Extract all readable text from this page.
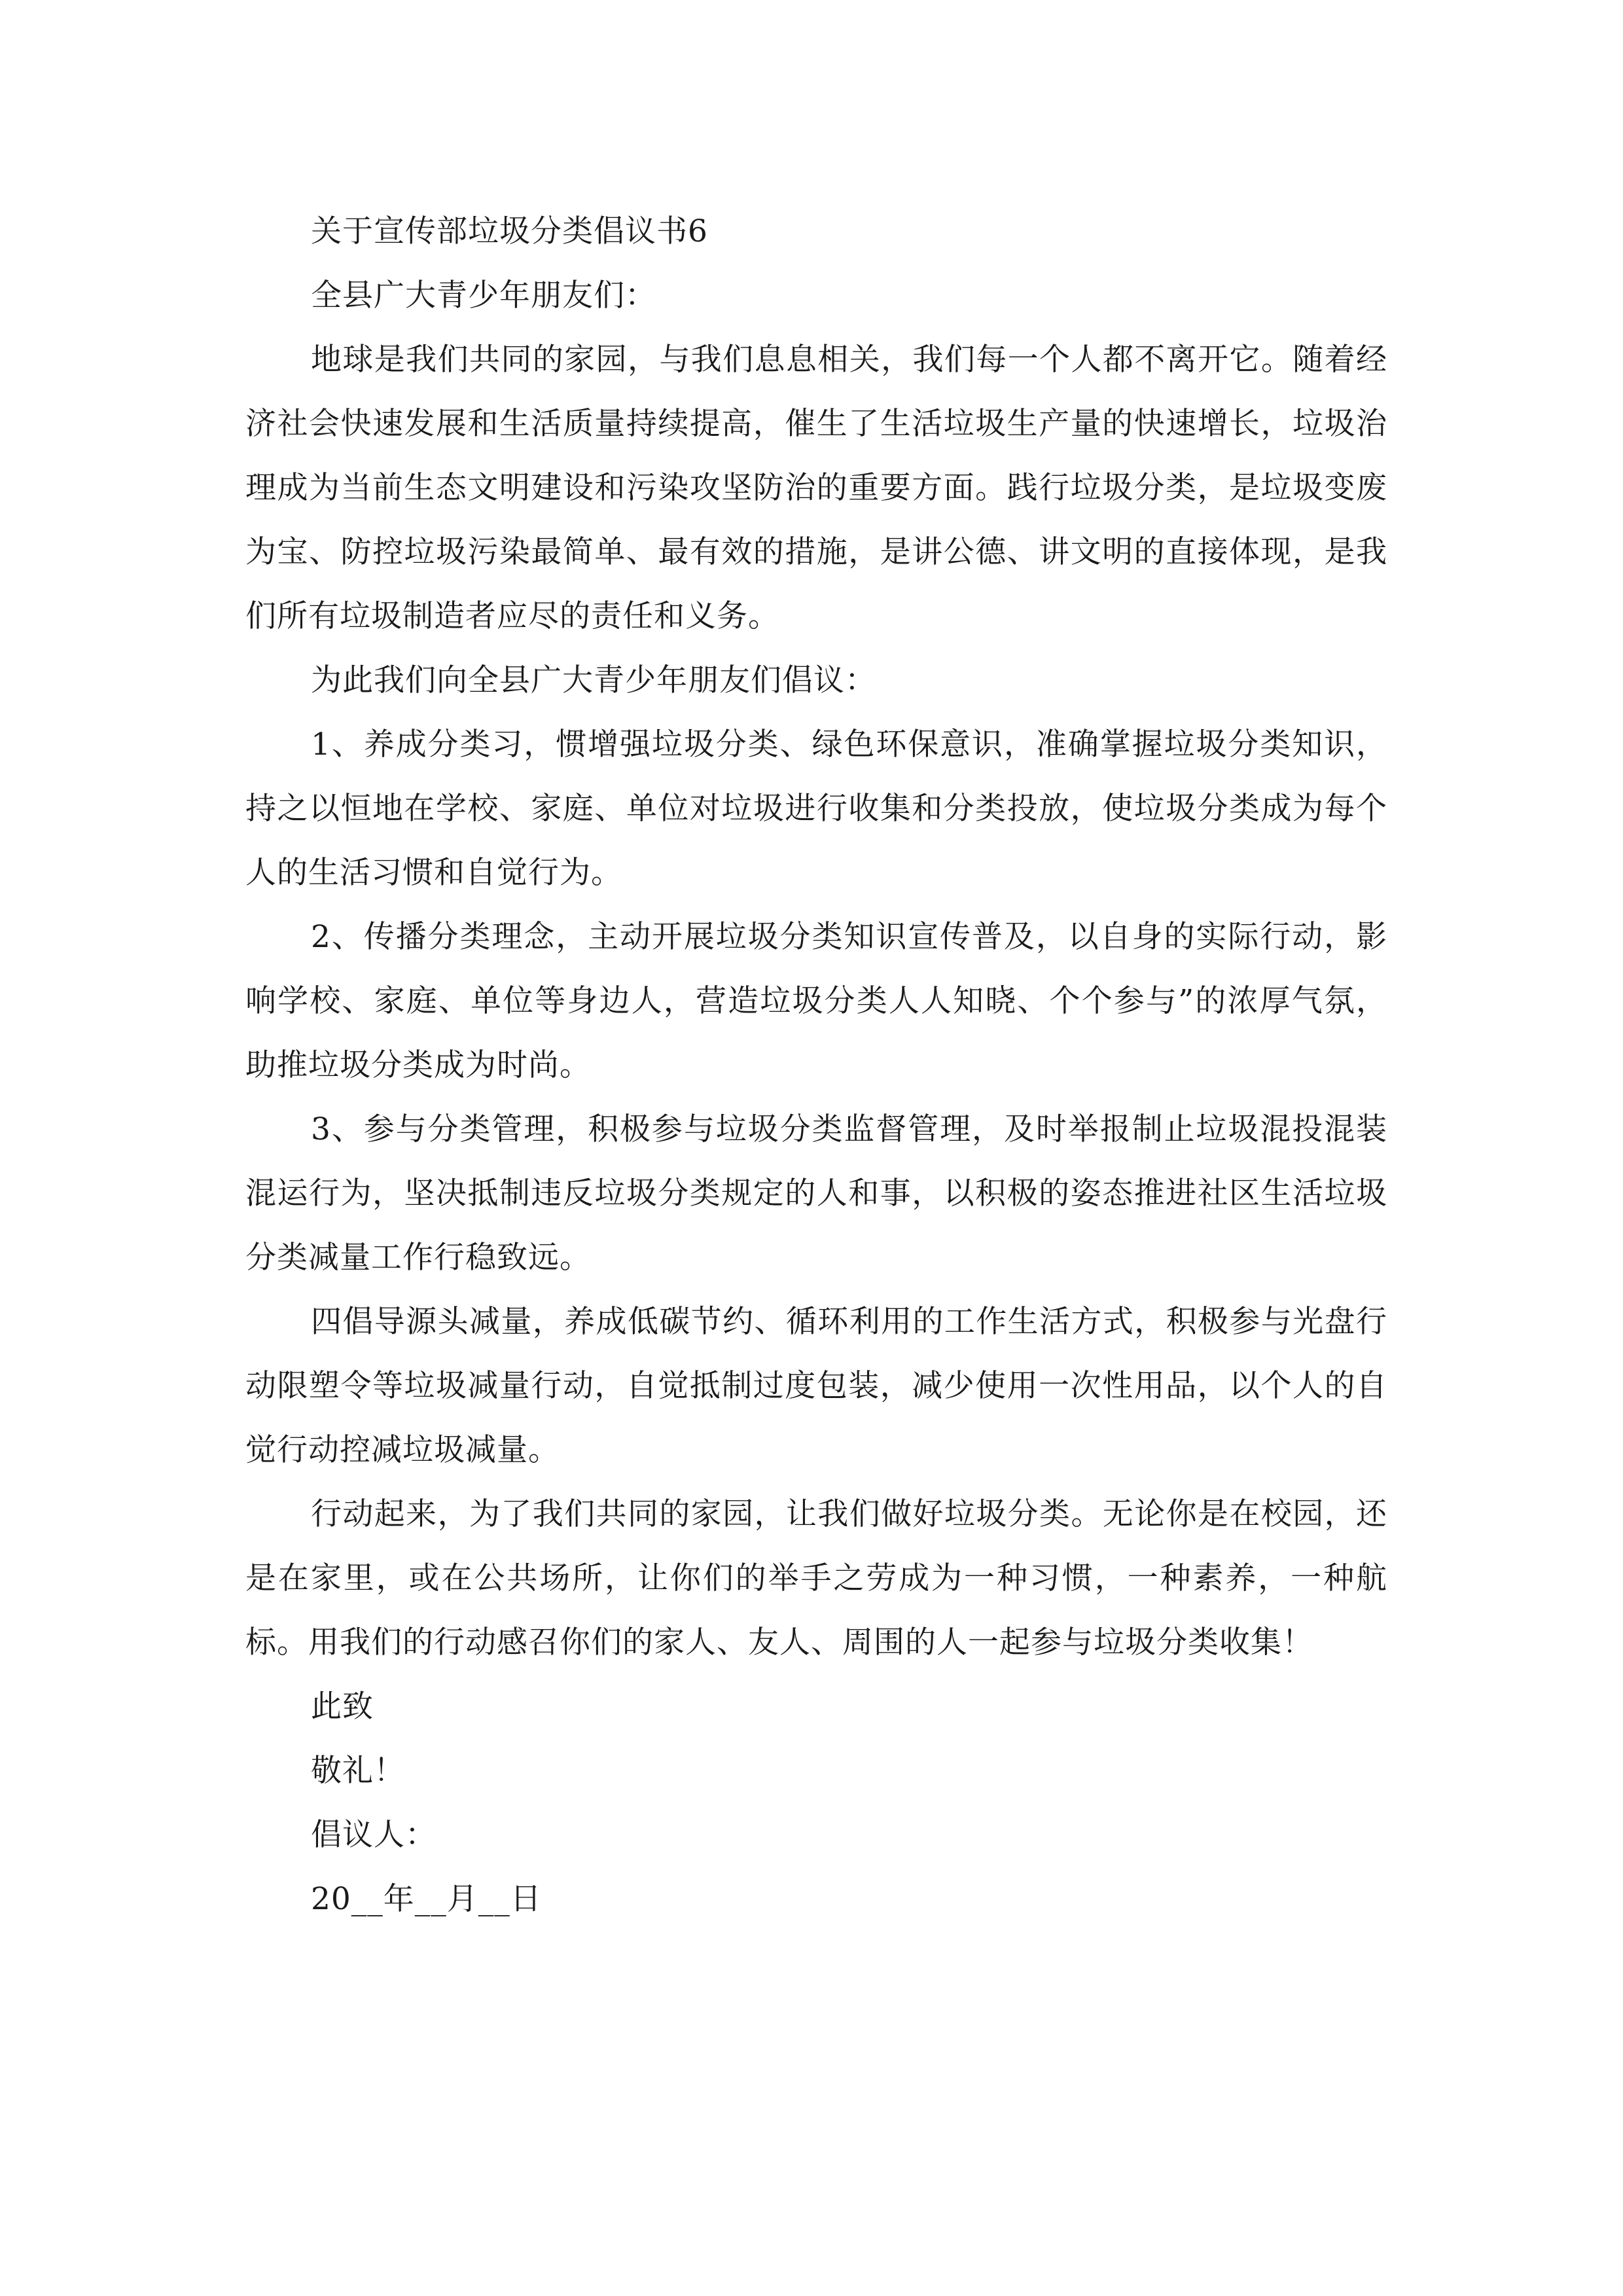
关于宣传部垃圾分类倡议书6

全县广大青少年朋友们：

地球是我们共同的家园，与我们息息相关，我们每一个人都不离开它。随着经济社会快速发展和生活质量持续提高，催生了生活垃圾生产量的快速增长，垃圾治理成为当前生态文明建设和污染攻坚防治的重要方面。践行垃圾分类，是垃圾变废为宝、防控垃圾污染最简单、最有效的措施，是讲公德、讲文明的直接体现，是我们所有垃圾制造者应尽的责任和义务。

为此我们向全县广大青少年朋友们倡议：

1、养成分类习，惯增强垃圾分类、绿色环保意识，准确掌握垃圾分类知识，持之以恒地在学校、家庭、单位对垃圾进行收集和分类投放，使垃圾分类成为每个人的生活习惯和自觉行为。

2、传播分类理念，主动开展垃圾分类知识宣传普及，以自身的实际行动，影响学校、家庭、单位等身边人，营造垃圾分类人人知晓、个个参与”的浓厚气氛，助推垃圾分类成为时尚。

3、参与分类管理，积极参与垃圾分类监督管理，及时举报制止垃圾混投混装混运行为，坚决抵制违反垃圾分类规定的人和事，以积极的姿态推进社区生活垃圾分类减量工作行稳致远。

四倡导源头减量，养成低碳节约、循环利用的工作生活方式，积极参与光盘行动限塑令等垃圾减量行动，自觉抵制过度包装，减少使用一次性用品，以个人的自觉行动控减垃圾减量。

行动起来，为了我们共同的家园，让我们做好垃圾分类。无论你是在校园，还是在家里，或在公共场所，让你们的举手之劳成为一种习惯，一种素养，一种航标。用我们的行动感召你们的家人、友人、周围的人一起参与垃圾分类收集！

此致

敬礼！

倡议人：

20__年__月__日
